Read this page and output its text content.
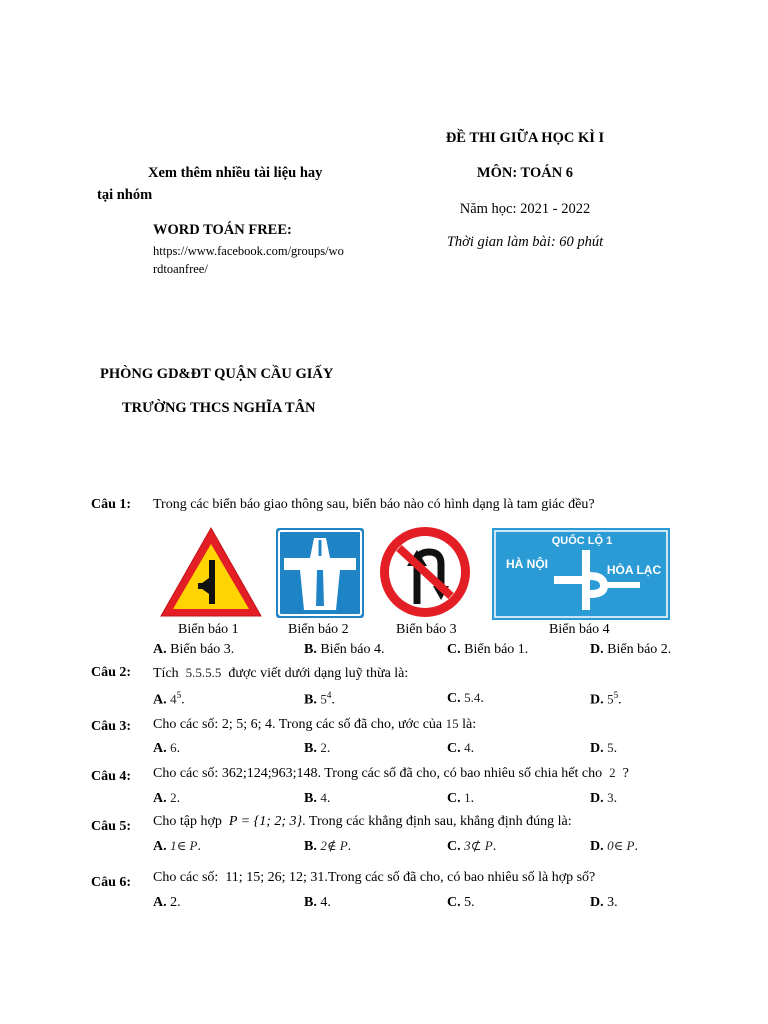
Xem thêm nhiều tài liệu hay
tại nhóm
WORD TOÁN FREE:
https://www.facebook.com/groups/wo
rdtoanfree/
ĐỀ THI GIỮA HỌC KÌ I
MÔN: TOÁN 6
Năm học: 2021 - 2022
Thời gian làm bài: 60 phút
PHÒNG GD&ĐT QUẬN CẦU GIẤY
TRƯỜNG THCS NGHĨA TÂN
Câu 1: Trong các biển báo giao thông sau, biển báo nào có hình dạng là tam giác đều?
QUỐC LỘ 1
HÀ NỘI	HÒA LẠC
Biển báo 1	Biển báo 2	Biển báo 3	Biển báo 4
A. Biển báo 3.	B. Biển báo 4.	C. Biển báo 1.	D. Biển báo 2.
Câu 2: Tích 5.5.5.5 được viết dưới dạng luỹ thừa là:
A. $4^5$.	B. $5^4$.	C. 5.4.	D. $5^5$.
Câu 3: Cho các số: 2; 5; 6; 4. Trong các số đã cho, ước của 15 là:
A. 6.	B. 2.	C. 4.	D. 5.
Câu 4: Cho các số: 362;124;963;148. Trong các số đã cho, có bao nhiêu số chia hết cho 2 ?
A. 2.	B. 4.	C. 1.	D. 3.
Câu 5: Cho tập hợp P = {1; 2; 3}. Trong các khẳng định sau, khẳng định đúng là:
A. 1∈ P.	B. 2∉ P.	C. 3⊄ P.	D. 0∈ P.
Câu 6: Cho các số: 11; 15; 26; 12; 31.Trong các số đã cho, có bao nhiêu số là hợp số?
A. 2.	B. 4.	C. 5.	D. 3.
